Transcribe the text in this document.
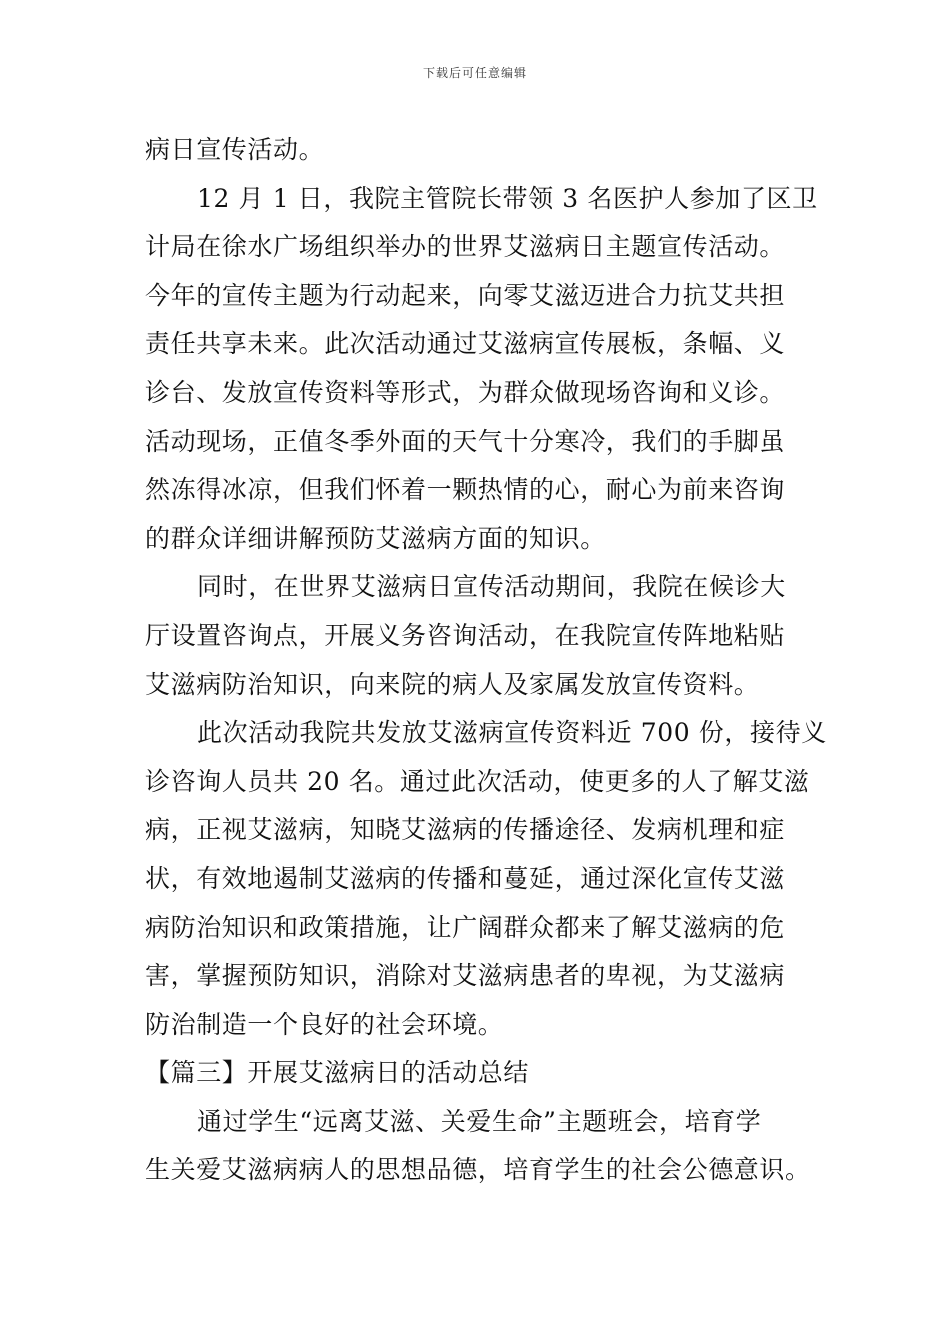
下载后可任意编辑
病日宣传活动。
12 月 1 日，我院主管院长带领 3 名医护人参加了区卫
计局在徐水广场组织举办的世界艾滋病日主题宣传活动。
今年的宣传主题为行动起来，向零艾滋迈进合力抗艾共担
责任共享未来。此次活动通过艾滋病宣传展板，条幅、义
诊台、发放宣传资料等形式，为群众做现场咨询和义诊。
活动现场，正值冬季外面的天气十分寒冷，我们的手脚虽
然冻得冰凉，但我们怀着一颗热情的心，耐心为前来咨询
的群众详细讲解预防艾滋病方面的知识。
同时，在世界艾滋病日宣传活动期间，我院在候诊大
厅设置咨询点，开展义务咨询活动，在我院宣传阵地粘贴
艾滋病防治知识，向来院的病人及家属发放宣传资料。
此次活动我院共发放艾滋病宣传资料近 700 份，接待义
诊咨询人员共 20 名。通过此次活动，使更多的人了解艾滋
病，正视艾滋病，知晓艾滋病的传播途径、发病机理和症
状，有效地遏制艾滋病的传播和蔓延，通过深化宣传艾滋
病防治知识和政策措施，让广阔群众都来了解艾滋病的危
害，掌握预防知识，消除对艾滋病患者的卑视，为艾滋病
防治制造一个良好的社会环境。
【篇三】开展艾滋病日的活动总结
通过学生“远离艾滋、关爱生命”主题班会，培育学
生关爱艾滋病病人的思想品德，培育学生的社会公德意识。
